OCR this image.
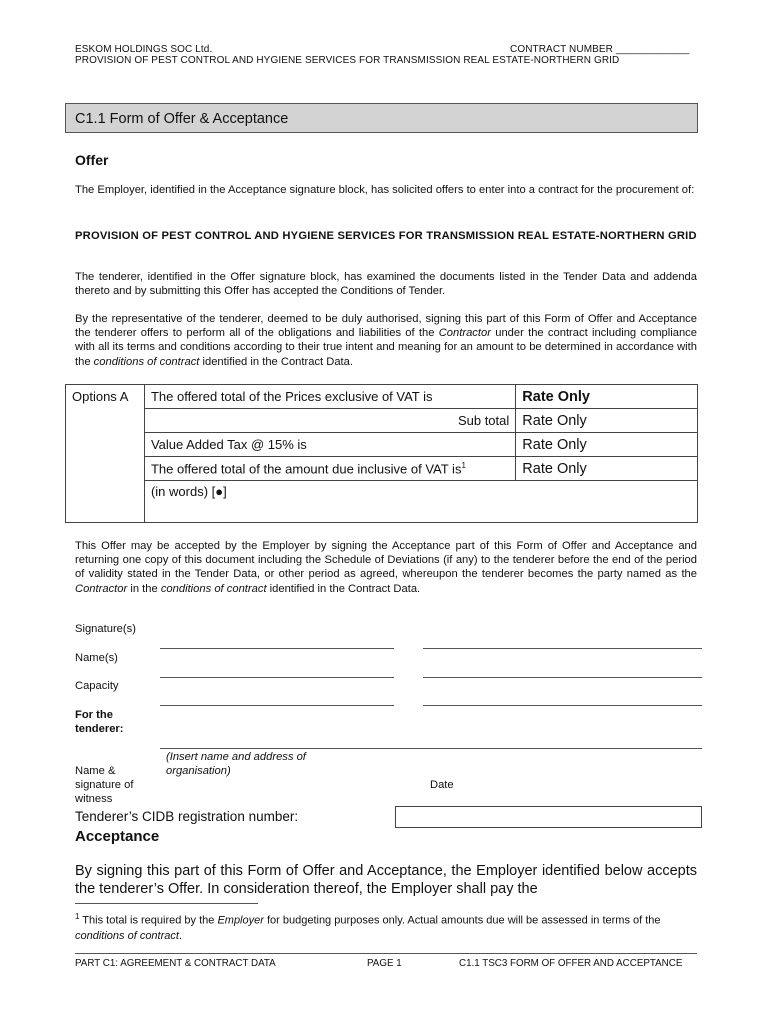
ESKOM HOLDINGS SOC Ltd.	CONTRACT NUMBER _____________
PROVISION OF PEST CONTROL AND HYGIENE SERVICES FOR TRANSMISSION REAL ESTATE-NORTHERN GRID
C1.1 Form of Offer & Acceptance
Offer
The Employer, identified in the Acceptance signature block, has solicited offers to enter into a contract for the procurement of:
PROVISION OF PEST CONTROL AND HYGIENE SERVICES FOR TRANSMISSION REAL ESTATE-NORTHERN GRID
The tenderer, identified in the Offer signature block, has examined the documents listed in the Tender Data and addenda thereto and by submitting this Offer has accepted the Conditions of Tender.
By the representative of the tenderer, deemed to be duly authorised, signing this part of this Form of Offer and Acceptance the tenderer offers to perform all of the obligations and liabilities of the Contractor under the contract including compliance with all its terms and conditions according to their true intent and meaning for an amount to be determined in accordance with the conditions of contract identified in the Contract Data.
Options A	The offered total of the Prices exclusive of VAT is	Rate Only
	Sub total	Rate Only
	Value Added Tax @ 15% is	Rate Only
	The offered total of the amount due inclusive of VAT $is^1$	Rate Only
	(in words) [●]	
This Offer may be accepted by the Employer by signing the Acceptance part of this Form of Offer and Acceptance and returning one copy of this document including the Schedule of Deviations (if any) to the tenderer before the end of the period of validity stated in the Tender Data, or other period as agreed, whereupon the tenderer becomes the party named as the Contractor in the conditions of contract identified in the Contract Data.
Signature(s)
Name(s)
Capacity
For the tenderer:
(Insert name and address of organisation)
Name & signature of witness
Date
Tenderer’s CIDB registration number:
Acceptance
By signing this part of this Form of Offer and Acceptance, the Employer identified below accepts the tenderer’s Offer. In consideration thereof, the Employer shall pay the
$^1$ This total is required by the Employer for budgeting purposes only. Actual amounts due will be assessed in terms of the conditions of contract.
PART C1: AGREEMENT & CONTRACT DATA	PAGE 1	C1.1 TSC3 FORM OF OFFER AND ACCEPTANCE
